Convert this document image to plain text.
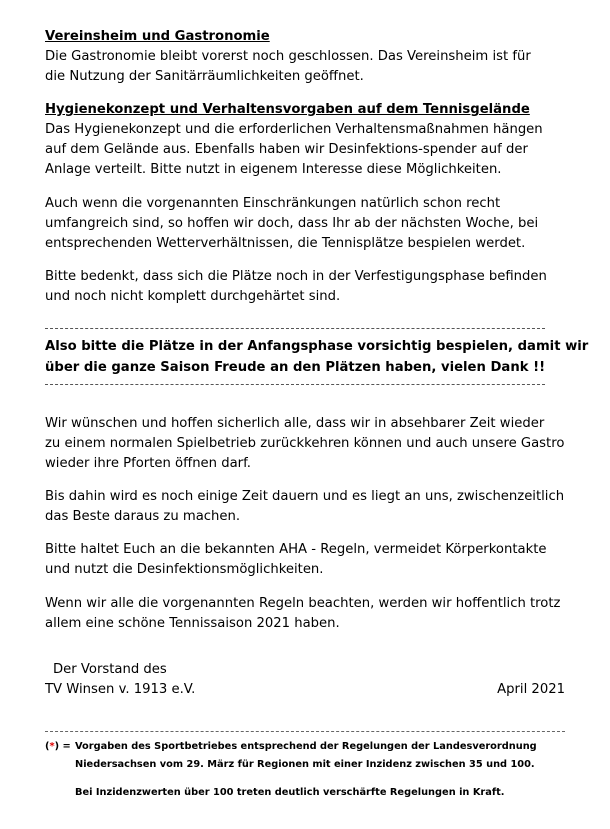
Vereinsheim und Gastronomie
Die Gastronomie bleibt vorerst noch geschlossen. Das Vereinsheim ist für
die Nutzung der Sanitärräumlichkeiten geöffnet.
Hygienekonzept und Verhaltensvorgaben auf dem Tennisgelände
Das Hygienekonzept und die erforderlichen Verhaltensmaßnahmen hängen
auf dem Gelände aus. Ebenfalls haben wir Desinfektions-spender auf der
Anlage verteilt. Bitte nutzt in eigenem Interesse diese Möglichkeiten.
Auch wenn die vorgenannten Einschränkungen natürlich schon recht
umfangreich sind, so hoffen wir doch, dass Ihr ab der nächsten Woche, bei
entsprechenden Wetterverhältnissen, die Tennisplätze bespielen werdet.
Bitte bedenkt, dass sich die Plätze noch in der Verfestigungsphase befinden
und noch nicht komplett durchgehärtet sind.
Also bitte die Plätze in der Anfangsphase vorsichtig bespielen, damit wir
über die ganze Saison Freude an den Plätzen haben, vielen Dank !!
Wir wünschen und hoffen sicherlich alle, dass wir in absehbarer Zeit wieder
zu einem normalen Spielbetrieb zurückkehren können und auch unsere Gastro
wieder ihre Pforten öffnen darf.
Bis dahin wird es noch einige Zeit dauern und es liegt an uns, zwischenzeitlich
das Beste daraus zu machen.
Bitte haltet Euch an die bekannten AHA - Regeln, vermeidet Körperkontakte
und nutzt die Desinfektionsmöglichkeiten.
Wenn wir alle die vorgenannten Regeln beachten, werden wir hoffentlich trotz
allem eine schöne Tennissaison 2021 haben.
Der Vorstand des
TV Winsen v. 1913 e.V.	April 2021
(*) = Vorgaben des Sportbetriebes entsprechend der Regelungen der Landesverordnung
Niedersachsen vom 29. März für Regionen mit einer Inzidenz zwischen 35 und 100.
Bei Inzidenzwerten über 100 treten deutlich verschärfte Regelungen in Kraft.
